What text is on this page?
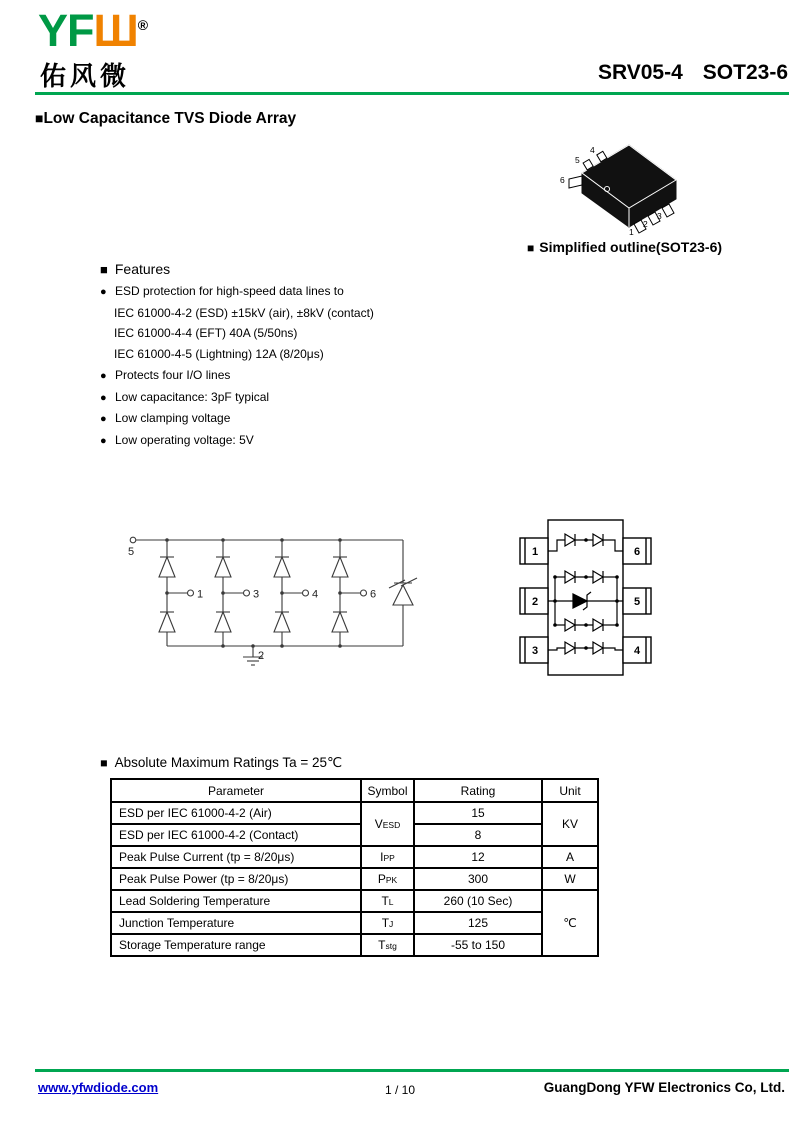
YFШ®
佑风微	SRV05-4 SOT23-6
■Low Capacitance TVS Diode Array
4
5
6
1
2
3
■ Simplified outline(SOT23-6)
■ Features
● ESD protection for high-speed data lines to
IEC 61000-4-2 (ESD) ±15kV (air), ±8kV (contact)
IEC 61000-4-4 (EFT) 40A (5/50ns)
IEC 61000-4-5 (Lightning) 12A (8/20μs)
● Protects four I/O lines
● Low capacitance: 3pF typical
● Low clamping voltage
● Low operating voltage: 5V
5
1	3	4	6
2
1
2
3
6
5
4
■ Absolute Maximum Ratings Ta = 25℃
Parameter	Symbol	Rating	Unit
ESD per IEC 61000-4-2 (Air)	VESD	15	KV
ESD per IEC 61000-4-2 (Contact)		8	
Peak Pulse Current (tp = 8/20μs)	IPP	12	A
Peak Pulse Power (tp = 8/20μs)	PPK	300	W
Lead Soldering Temperature	TL	260 (10 Sec)	℃
Junction Temperature	TJ	125	
Storage Temperature range	Tstg	-55 to 150	
www.yfwdiode.com	1 / 10	GuangDong YFW Electronics Co, Ltd.
